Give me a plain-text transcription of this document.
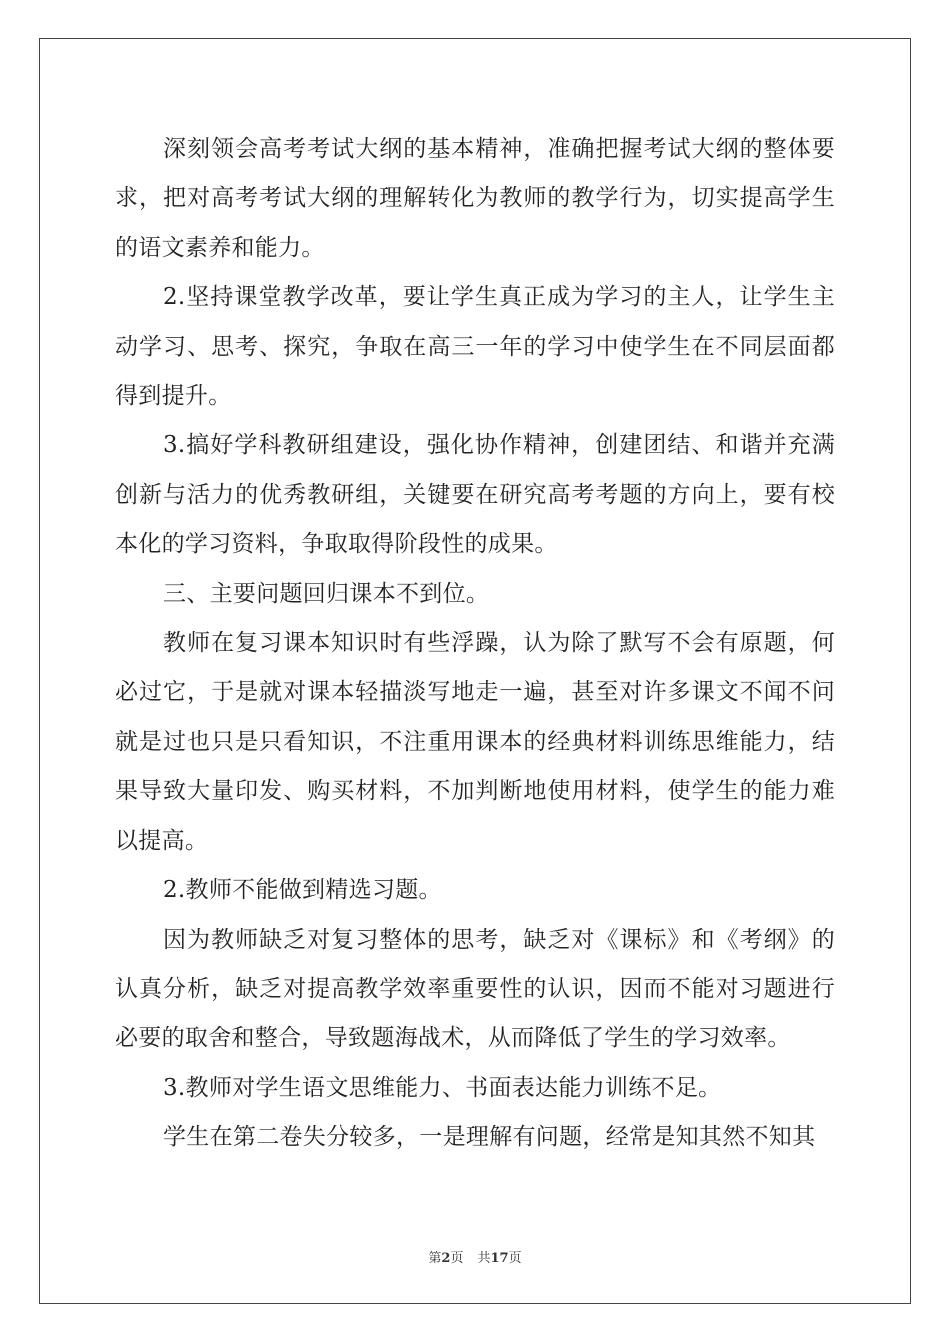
深刻领会高考考试大纲的基本精神，准确把握考试大纲的整体要求，把对高考考试大纲的理解转化为教师的教学行为，切实提高学生的语文素养和能力。

2.坚持课堂教学改革，要让学生真正成为学习的主人，让学生主动学习、思考、探究，争取在高三一年的学习中使学生在不同层面都得到提升。

3.搞好学科教研组建设，强化协作精神，创建团结、和谐并充满创新与活力的优秀教研组，关键要在研究高考考题的方向上，要有校本化的学习资料，争取取得阶段性的成果。

三、主要问题回归课本不到位。

教师在复习课本知识时有些浮躁，认为除了默写不会有原题，何必过它，于是就对课本轻描淡写地走一遍，甚至对许多课文不闻不问就是过也只是只看知识，不注重用课本的经典材料训练思维能力，结果导致大量印发、购买材料，不加判断地使用材料，使学生的能力难以提高。

2.教师不能做到精选习题。

因为教师缺乏对复习整体的思考，缺乏对《课标》和《考纲》的认真分析，缺乏对提高教学效率重要性的认识，因而不能对习题进行必要的取舍和整合，导致题海战术，从而降低了学生的学习效率。

3.教师对学生语文思维能力、书面表达能力训练不足。

学生在第二卷失分较多，一是理解有问题，经常是知其然不知其

第2页 共17页
